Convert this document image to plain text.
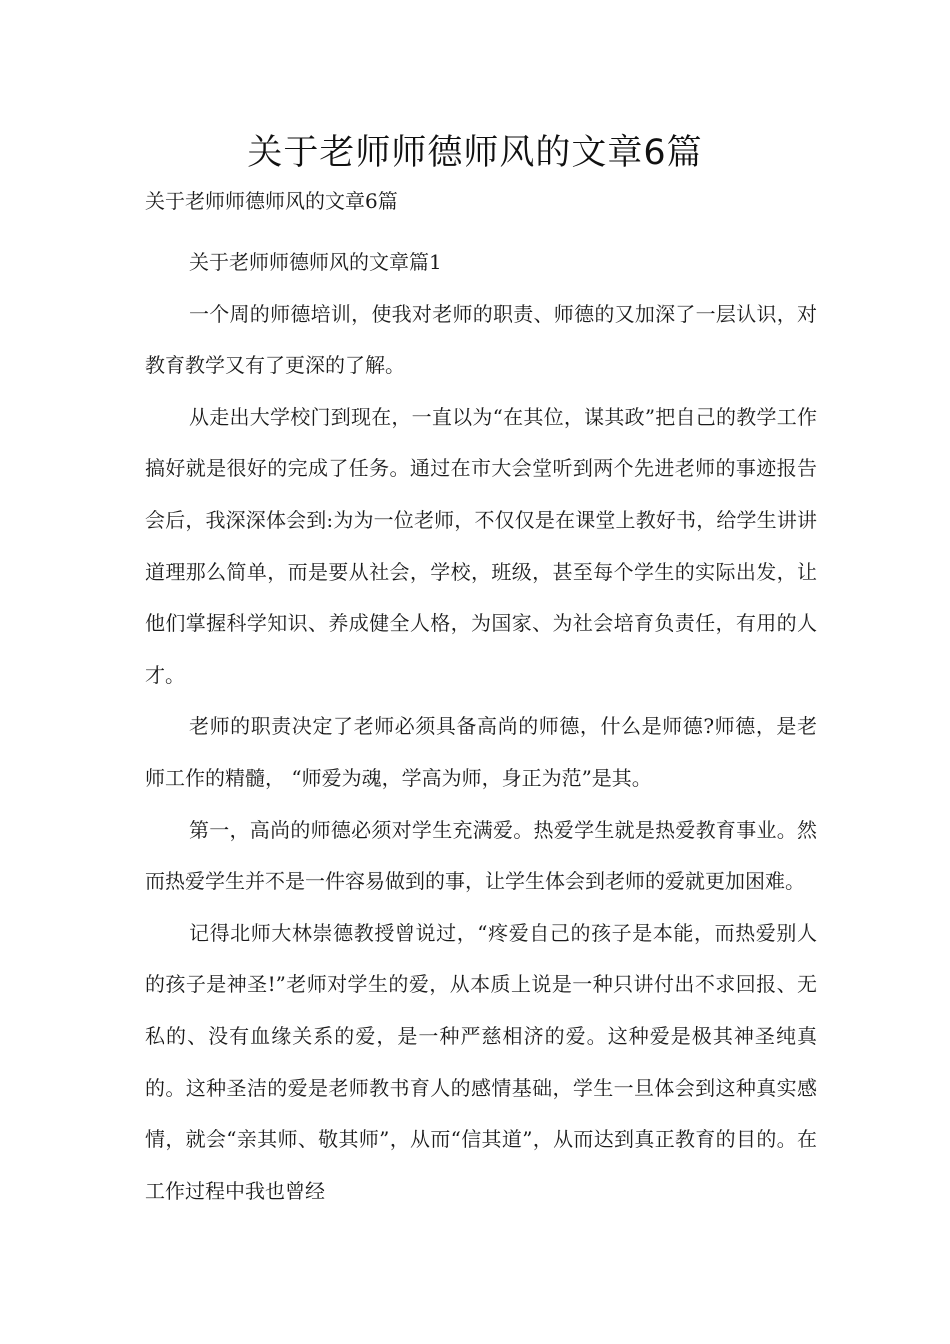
关于老师师德师风的文章6篇
关于老师师德师风的文章6篇

关于老师师德师风的文章篇1

一个周的师德培训，使我对老师的职责、师德的又加深了一层认识，对教育教学又有了更深的了解。

从走出大学校门到现在，一直以为“在其位，谋其政”把自己的教学工作搞好就是很好的完成了任务。通过在市大会堂听到两个先进老师的事迹报告会后，我深深体会到:为为一位老师，不仅仅是在课堂上教好书，给学生讲讲道理那么简单，而是要从社会，学校，班级，甚至每个学生的实际出发，让他们掌握科学知识、养成健全人格，为国家、为社会培育负责任，有用的人才。

老师的职责决定了老师必须具备高尚的师德，什么是师德?师德，是老师工作的精髓， “师爱为魂，学高为师，身正为范”是其。

第一，高尚的师德必须对学生充满爱。热爱学生就是热爱教育事业。然而热爱学生并不是一件容易做到的事，让学生体会到老师的爱就更加困难。

记得北师大林崇德教授曾说过，“疼爱自己的孩子是本能，而热爱别人的孩子是神圣!”老师对学生的爱，从本质上说是一种只讲付出不求回报、无私的、没有血缘关系的爱，是一种严慈相济的爱。这种爱是极其神圣纯真的。这种圣洁的爱是老师教书育人的感情基础，学生一旦体会到这种真实感情，就会“亲其师、敬其师”，从而“信其道”，从而达到真正教育的目的。在工作过程中我也曾经
